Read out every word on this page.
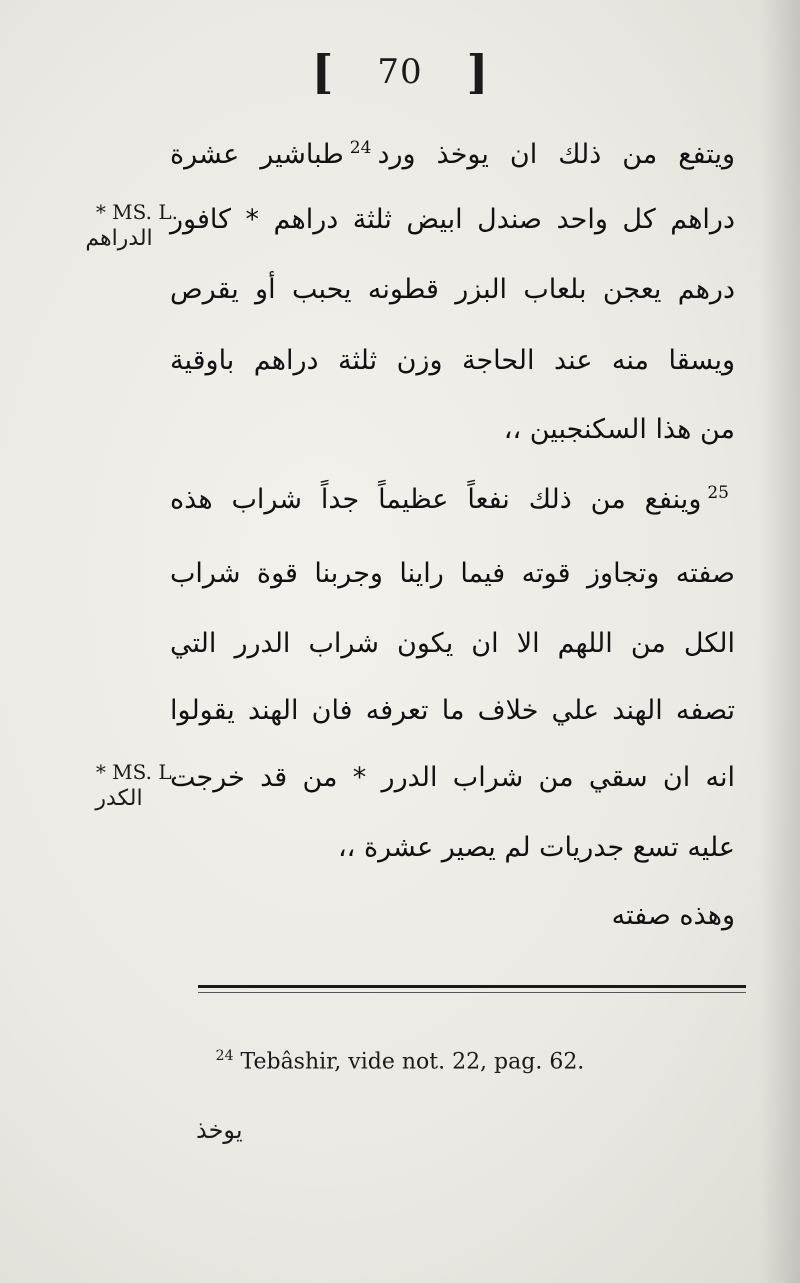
[ 70 ]
ويتفع من ذلك ان يوخذ ورد$^{24}$طباشير عشرة
دراهم كل واحد صندل ابيض ثلثة دراهم * كافور
درهم يعجن بلعاب البزر قطونه يحبب أو يقرص
ويسقا منه عند الحاجة وزن ثلثة دراهم باوقية
من هذا السكنجبين ،،
$^{25}$وينفع من ذلك نفعاً عظيماً جداً شراب هذه
صفته وتجاوز قوته فيما راينا وجربنا قوة شراب
الكل من اللهم الا ان يكون شراب الدرر التي
تصفه الهند علي خلاف ما تعرفه فان الهند يقولوا
انه ان سقي من شراب الدرر * من قد خرجت
عليه تسع جدريات لم يصير عشرة ،،
وهذه صفته
* MS. L.
الدراهم
* MS. L.
الكدر
$^{24}$ Tebâshir, vide not. 22, pag. 62.
يوخذ
